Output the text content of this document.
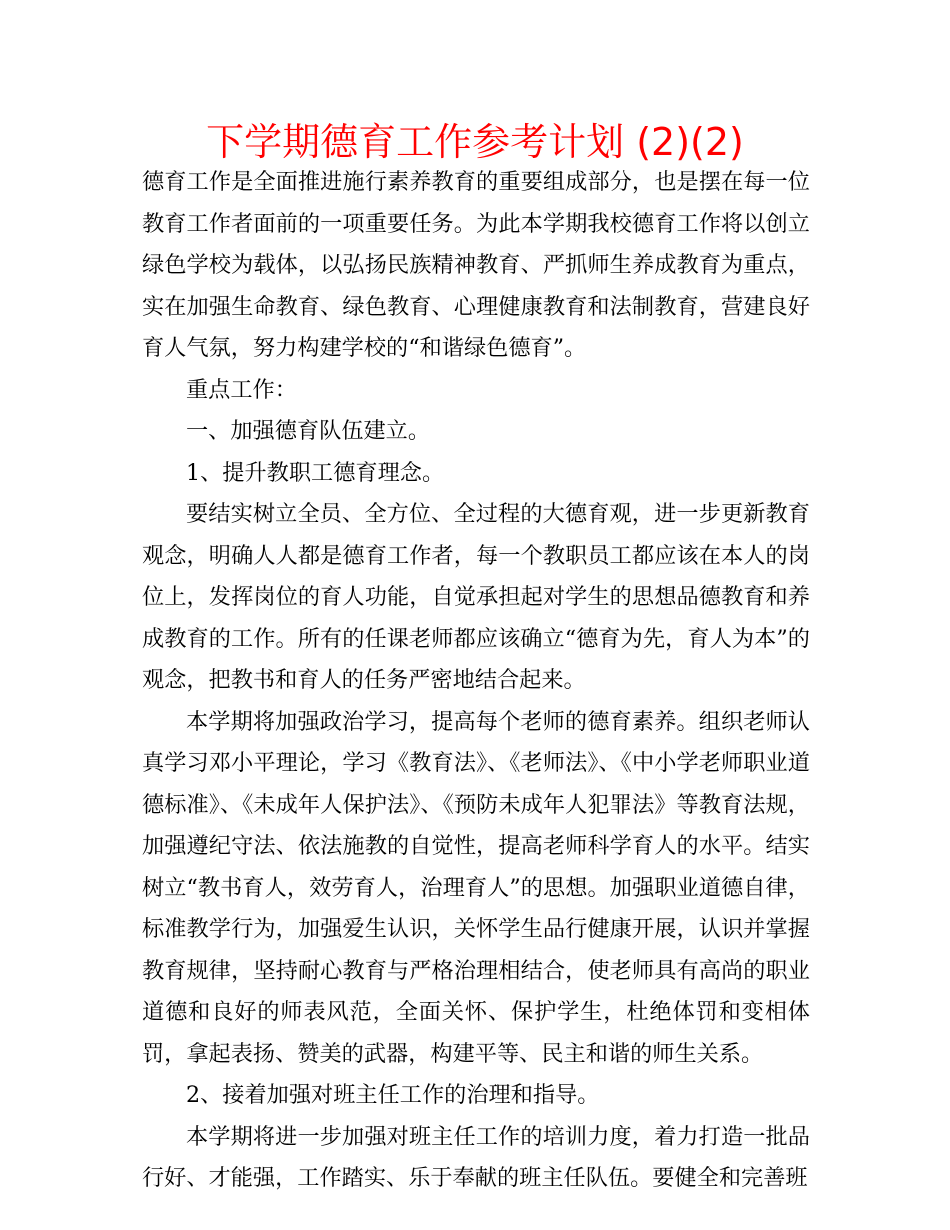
下学期德育工作参考计划 (2)(2)

德育工作是全面推进施行素养教育的重要组成部分，也是摆在每一位教育工作者面前的一项重要任务。为此本学期我校德育工作将以创立绿色学校为载体，以弘扬民族精神教育、严抓师生养成教育为重点，实在加强生命教育、绿色教育、心理健康教育和法制教育，营建良好育人气氛，努力构建学校的“和谐绿色德育”。

重点工作：

一、加强德育队伍建立。

1、提升教职工德育理念。

要结实树立全员、全方位、全过程的大德育观，进一步更新教育观念，明确人人都是德育工作者，每一个教职员工都应该在本人的岗位上，发挥岗位的育人功能，自觉承担起对学生的思想品德教育和养成教育的工作。所有的任课老师都应该确立“德育为先，育人为本”的观念，把教书和育人的任务严密地结合起来。

本学期将加强政治学习，提高每个老师的德育素养。组织老师认真学习邓小平理论，学习《教育法》、《老师法》、《中小学老师职业道德标准》、《未成年人保护法》、《预防未成年人犯罪法》等教育法规，加强遵纪守法、依法施教的自觉性，提高老师科学育人的水平。结实树立“教书育人，效劳育人，治理育人”的思想。加强职业道德自律，标准教学行为，加强爱生认识，关怀学生品行健康开展，认识并掌握教育规律，坚持耐心教育与严格治理相结合，使老师具有高尚的职业道德和良好的师表风范，全面关怀、保护学生，杜绝体罚和变相体罚，拿起表扬、赞美的武器，构建平等、民主和谐的师生关系。

2、接着加强对班主任工作的治理和指导。

本学期将进一步加强对班主任工作的培训力度，着力打造一批品行好、才能强，工作踏实、乐于奉献的班主任队伍。要健全和完善班
